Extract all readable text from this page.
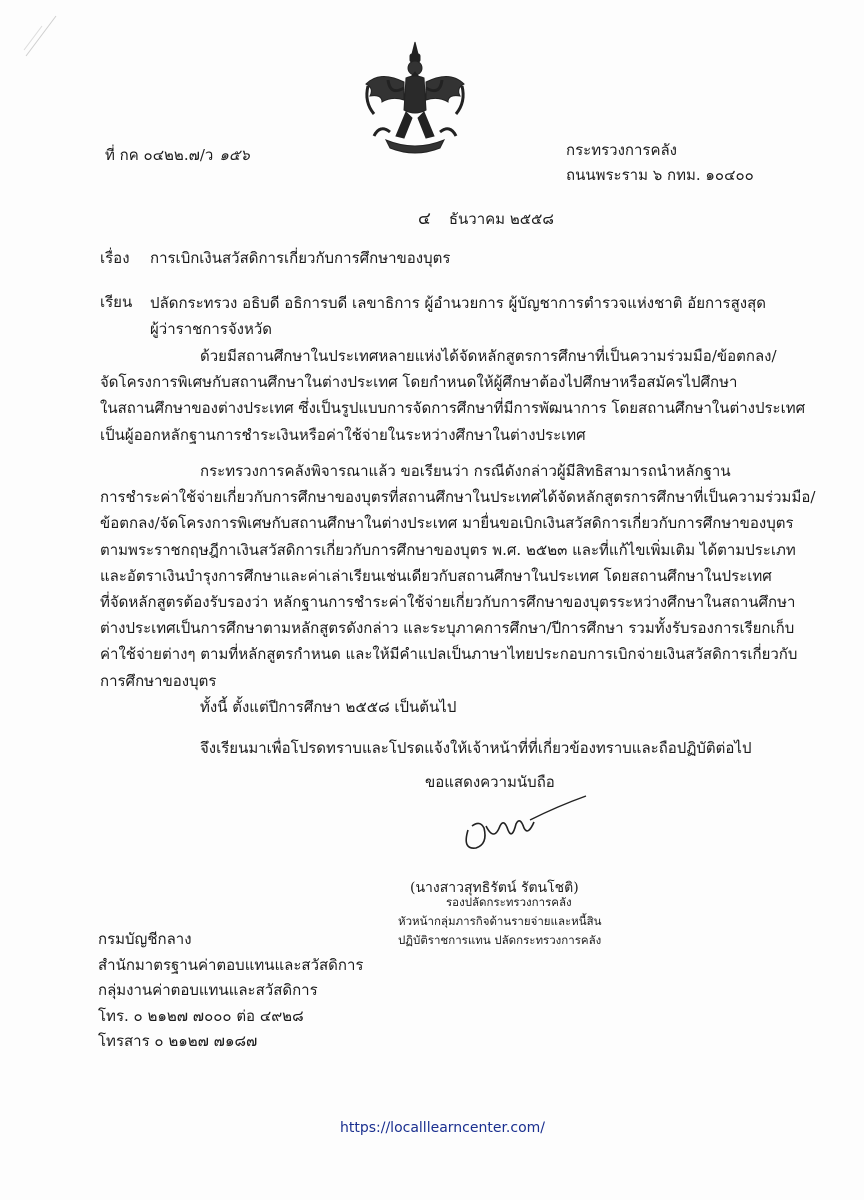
ที่ กค ๐๔๒๒.๗/ว ๑๕๖	กระทรวงการคลัง
ถนนพระราม ๖ กทม. ๑๐๔๐๐
๔ ธันวาคม ๒๕๕๘
เรื่อง การเบิกเงินสวัสดิการเกี่ยวกับการศึกษาของบุตร
เรียน ปลัดกระทรวง อธิบดี อธิการบดี เลขาธิการ ผู้อำนวยการ ผู้บัญชาการตำรวจแห่งชาติ อัยการสูงสุด ผู้ว่าราชการจังหวัด
ด้วยมีสถานศึกษาในประเทศหลายแห่งได้จัดหลักสูตรการศึกษาที่เป็นความร่วมมือ/ข้อตกลง/
จัดโครงการพิเศษกับสถานศึกษาในต่างประเทศ โดยกำหนดให้ผู้ศึกษาต้องไปศึกษาหรือสมัครไปศึกษา
ในสถานศึกษาของต่างประเทศ ซึ่งเป็นรูปแบบการจัดการศึกษาที่มีการพัฒนาการ โดยสถานศึกษาในต่างประเทศ
เป็นผู้ออกหลักฐานการชำระเงินหรือค่าใช้จ่ายในระหว่างศึกษาในต่างประเทศ
กระทรวงการคลังพิจารณาแล้ว ขอเรียนว่า กรณีดังกล่าวผู้มีสิทธิสามารถนำหลักฐาน
การชำระค่าใช้จ่ายเกี่ยวกับการศึกษาของบุตรที่สถานศึกษาในประเทศได้จัดหลักสูตรการศึกษาที่เป็นความร่วมมือ/
ข้อตกลง/จัดโครงการพิเศษกับสถานศึกษาในต่างประเทศ มายื่นขอเบิกเงินสวัสดิการเกี่ยวกับการศึกษาของบุตร
ตามพระราชกฤษฎีกาเงินสวัสดิการเกี่ยวกับการศึกษาของบุตร พ.ศ. ๒๕๒๓ และที่แก้ไขเพิ่มเติม ได้ตามประเภท
และอัตราเงินบำรุงการศึกษาและค่าเล่าเรียนเช่นเดียวกับสถานศึกษาในประเทศ โดยสถานศึกษาในประเทศ
ที่จัดหลักสูตรต้องรับรองว่า หลักฐานการชำระค่าใช้จ่ายเกี่ยวกับการศึกษาของบุตรระหว่างศึกษาในสถานศึกษา
ต่างประเทศเป็นการศึกษาตามหลักสูตรดังกล่าว และระบุภาคการศึกษา/ปีการศึกษา รวมทั้งรับรองการเรียกเก็บ
ค่าใช้จ่ายต่างๆ ตามที่หลักสูตรกำหนด และให้มีคำแปลเป็นภาษาไทยประกอบการเบิกจ่ายเงินสวัสดิการเกี่ยวกับ
การศึกษาของบุตร
ทั้งนี้ ตั้งแต่ปีการศึกษา ๒๕๕๘ เป็นต้นไป
จึงเรียนมาเพื่อโปรดทราบและโปรดแจ้งให้เจ้าหน้าที่ที่เกี่ยวข้องทราบและถือปฏิบัติต่อไป
ขอแสดงความนับถือ
(นางสาวสุทธิรัตน์ รัตนโชติ)
รองปลัดกระทรวงการคลัง
หัวหน้ากลุ่มภารกิจด้านรายจ่ายและหนี้สิน
ปฏิบัติราชการแทน ปลัดกระทรวงการคลัง
กรมบัญชีกลาง
สำนักมาตรฐานค่าตอบแทนและสวัสดิการ
กลุ่มงานค่าตอบแทนและสวัสดิการ
โทร. ๐ ๒๑๒๗ ๗๐๐๐ ต่อ ๔๙๒๘
โทรสาร ๐ ๒๑๒๗ ๗๑๘๗
https://localllearncenter.com/
